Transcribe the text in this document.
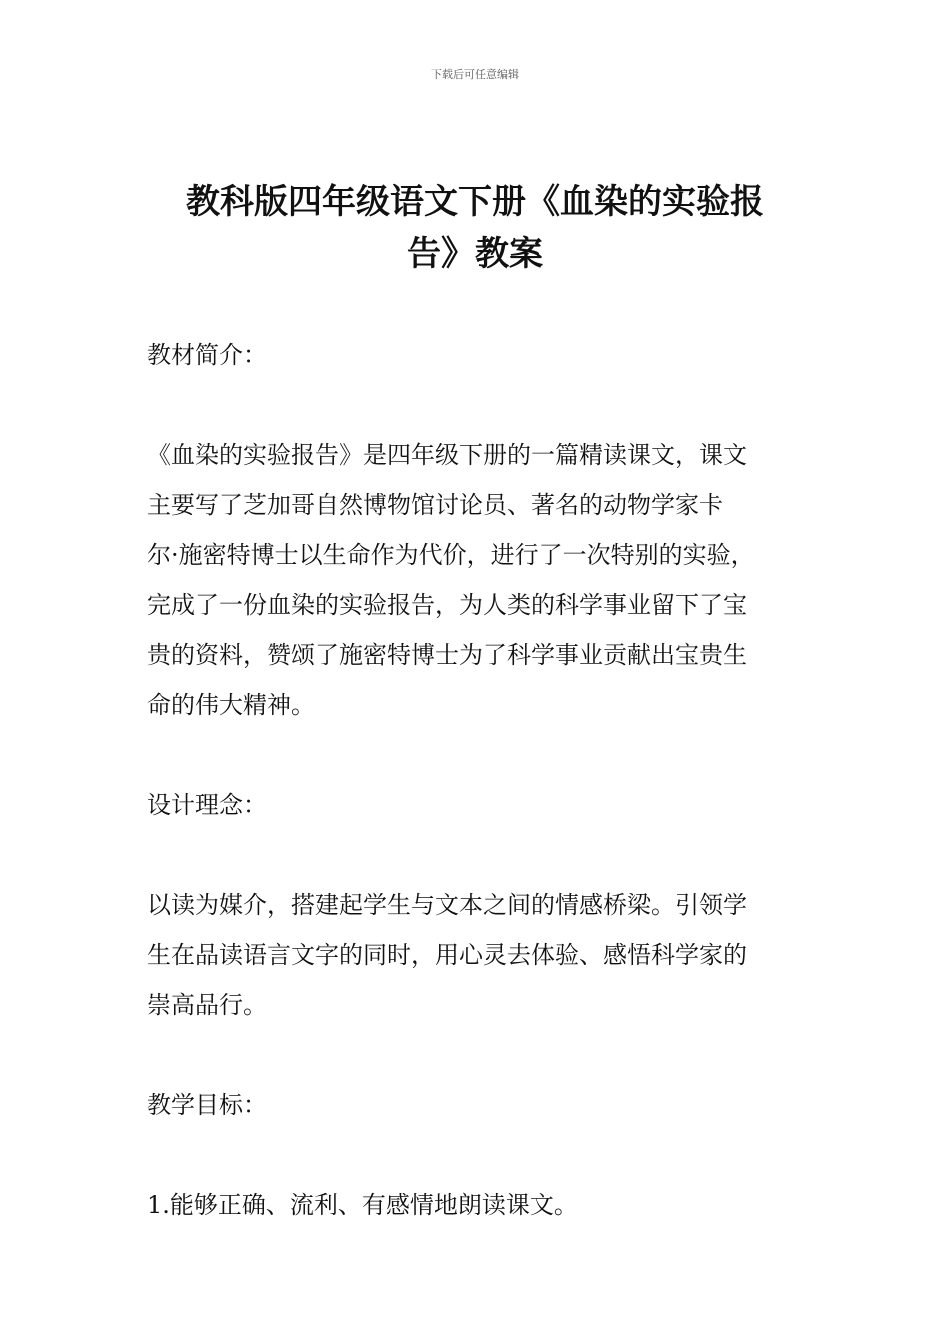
下载后可任意编辑
教科版四年级语文下册《血染的实验报
告》教案

教材简介：

《血染的实验报告》是四年级下册的一篇精读课文，课文
主要写了芝加哥自然博物馆讨论员、著名的动物学家卡
尔·施密特博士以生命作为代价，进行了一次特别的实验，
完成了一份血染的实验报告，为人类的科学事业留下了宝
贵的资料，赞颂了施密特博士为了科学事业贡献出宝贵生
命的伟大精神。

设计理念：

以读为媒介，搭建起学生与文本之间的情感桥梁。引领学
生在品读语言文字的同时，用心灵去体验、感悟科学家的
崇高品行。

教学目标：

1.能够正确、流利、有感情地朗读课文。
